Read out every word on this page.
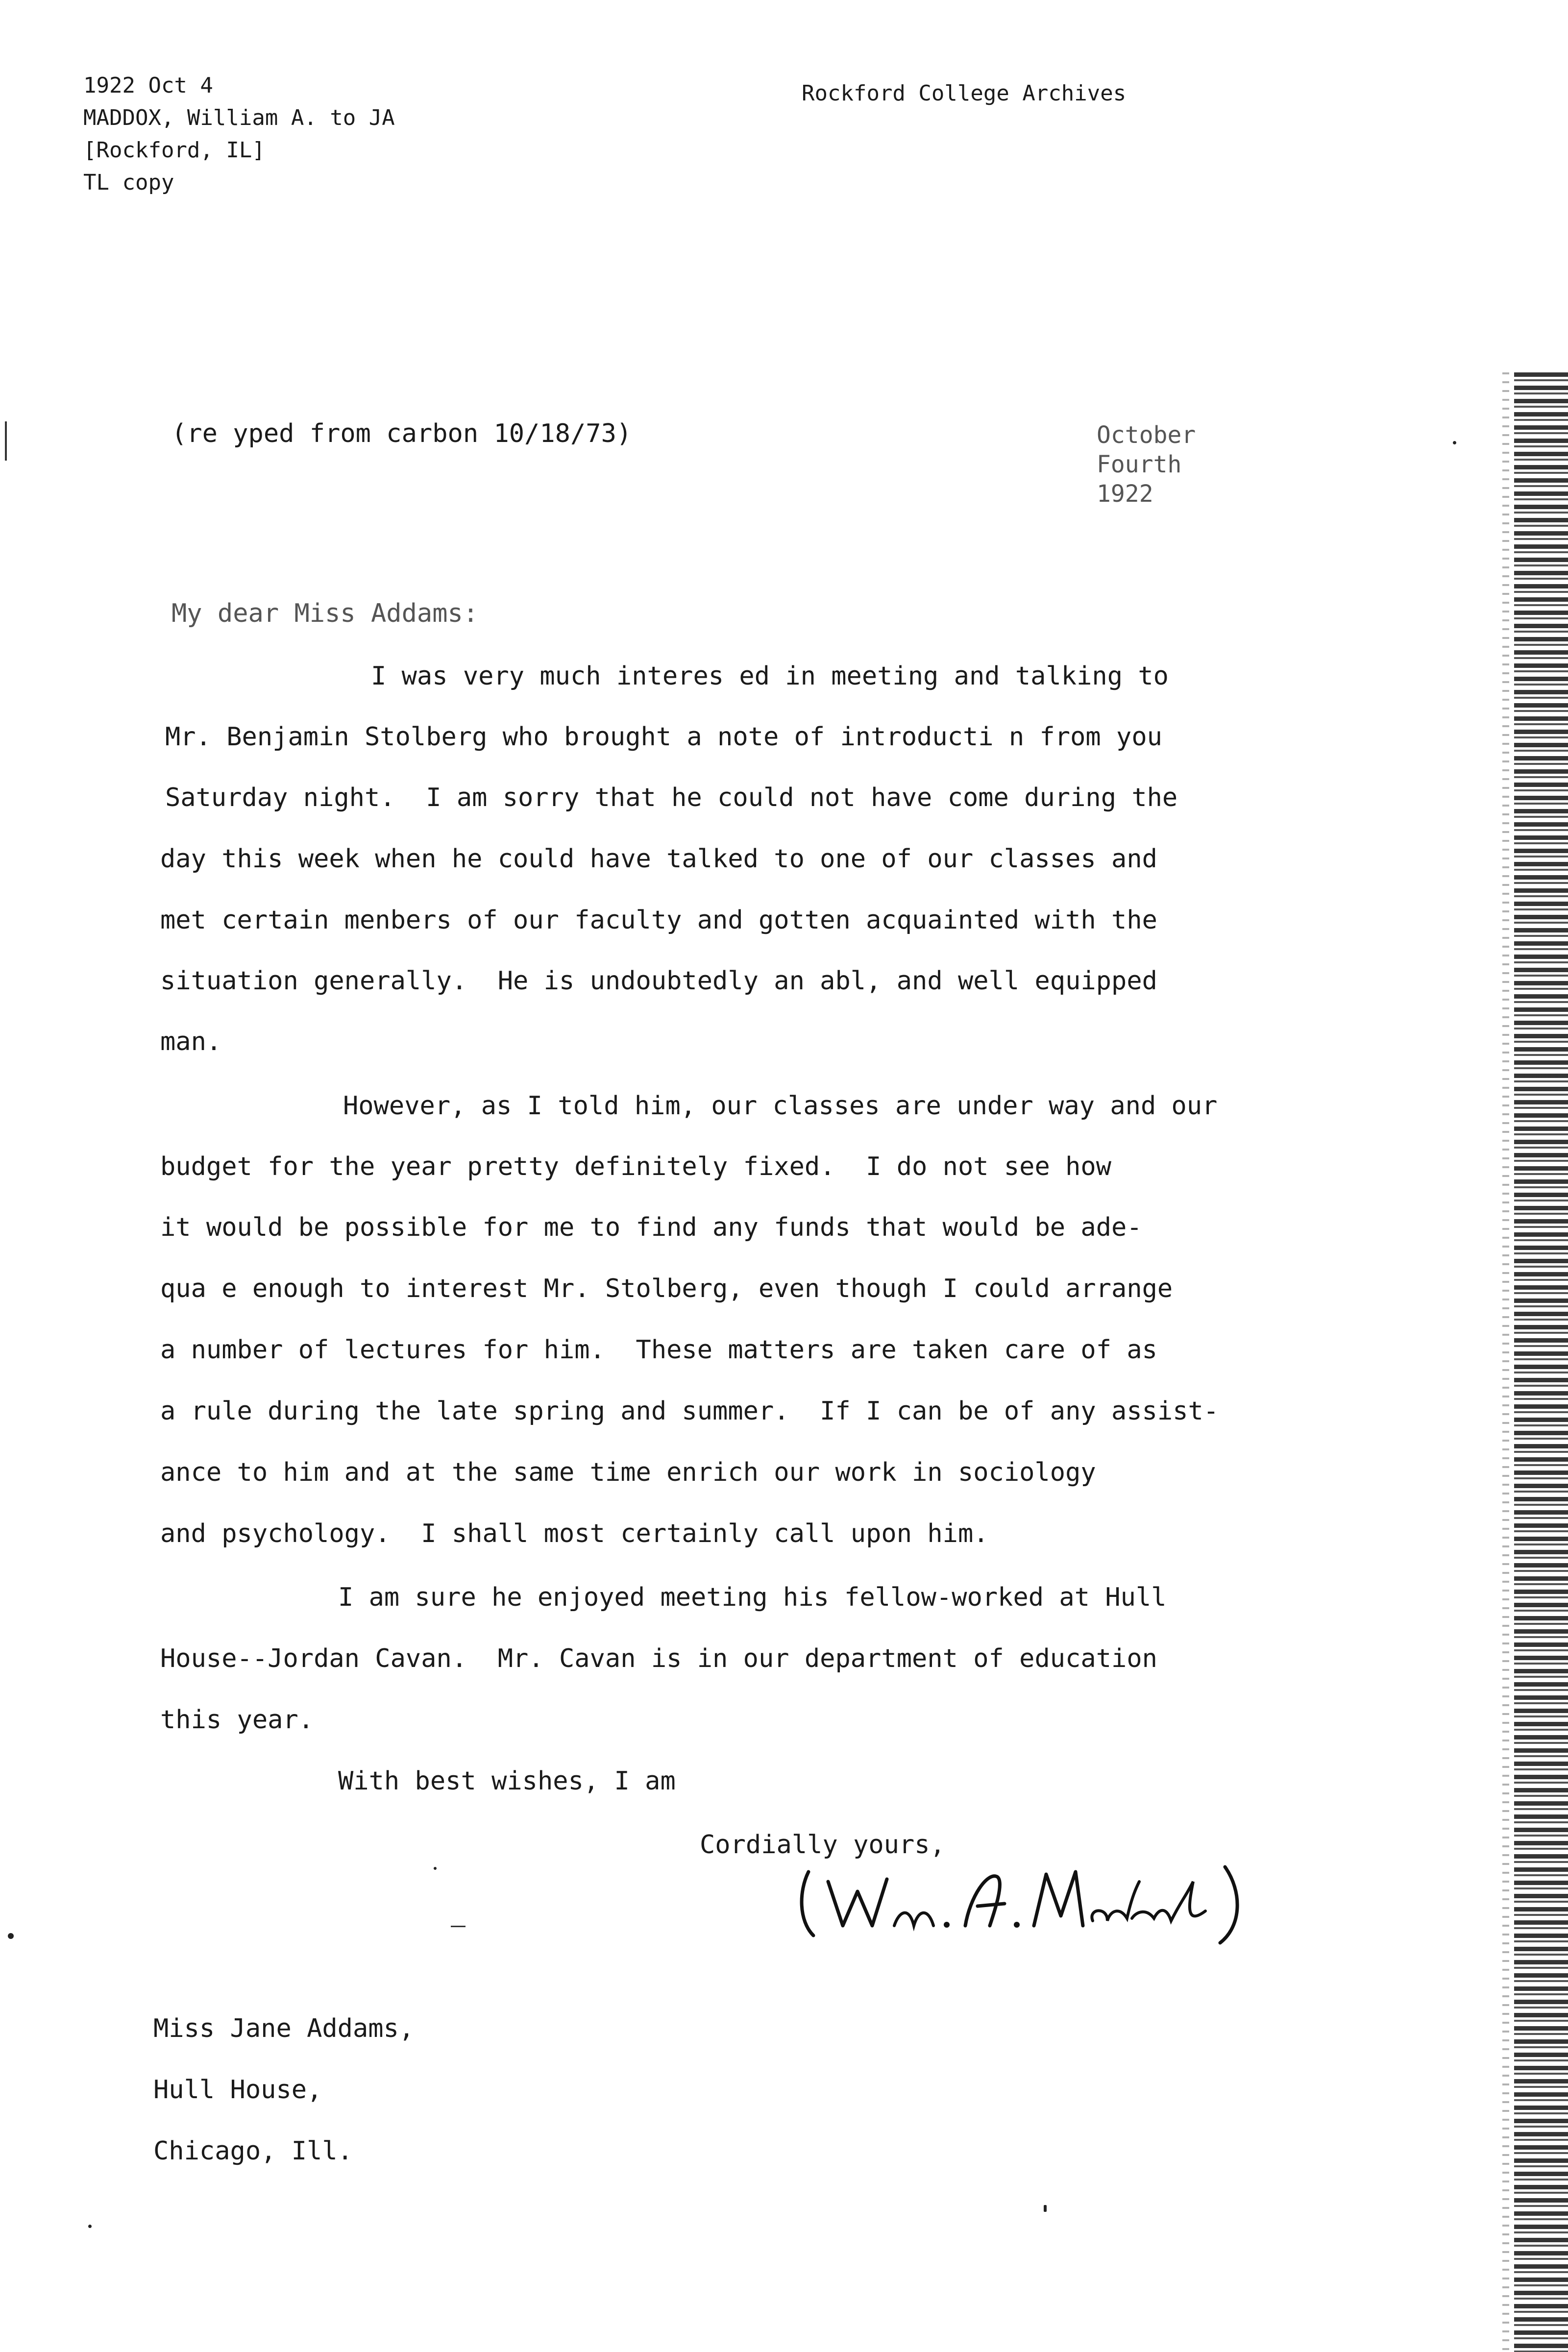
1922 Oct 4
MADDOX, William A. to JA
[Rockford, IL]
TL copy
Rockford College Archives
(re yped from carbon 10/18/73)	October
Fourth
1922
My dear Miss Addams:
I was very much interes ed in meeting and talking to
Mr. Benjamin Stolberg who brought a note of introducti n from you
Saturday night.  I am sorry that he could not have come during the
day this week when he could have talked to one of our classes and
met certain menbers of our faculty and gotten acquainted with the
situation generally.  He is undoubtedly an abl, and well equipped
man.
However, as I told him, our classes are under way and our
budget for the year pretty definitely fixed.  I do not see how
it would be possible for me to find any funds that would be ade-
qua e enough to interest Mr. Stolberg, even though I could arrange
a number of lectures for him.  These matters are taken care of as
a rule during the late spring and summer.  If I can be of any assist-
ance to him and at the same time enrich our work in sociology
and psychology.  I shall most certainly call upon him.
I am sure he enjoyed meeting his fellow-worked at Hull
House--Jordan Cavan.  Mr. Cavan is in our department of education
this year.
With best wishes, I am
Cordially yours,
Miss Jane Addams,
Hull House,
Chicago, Ill.
